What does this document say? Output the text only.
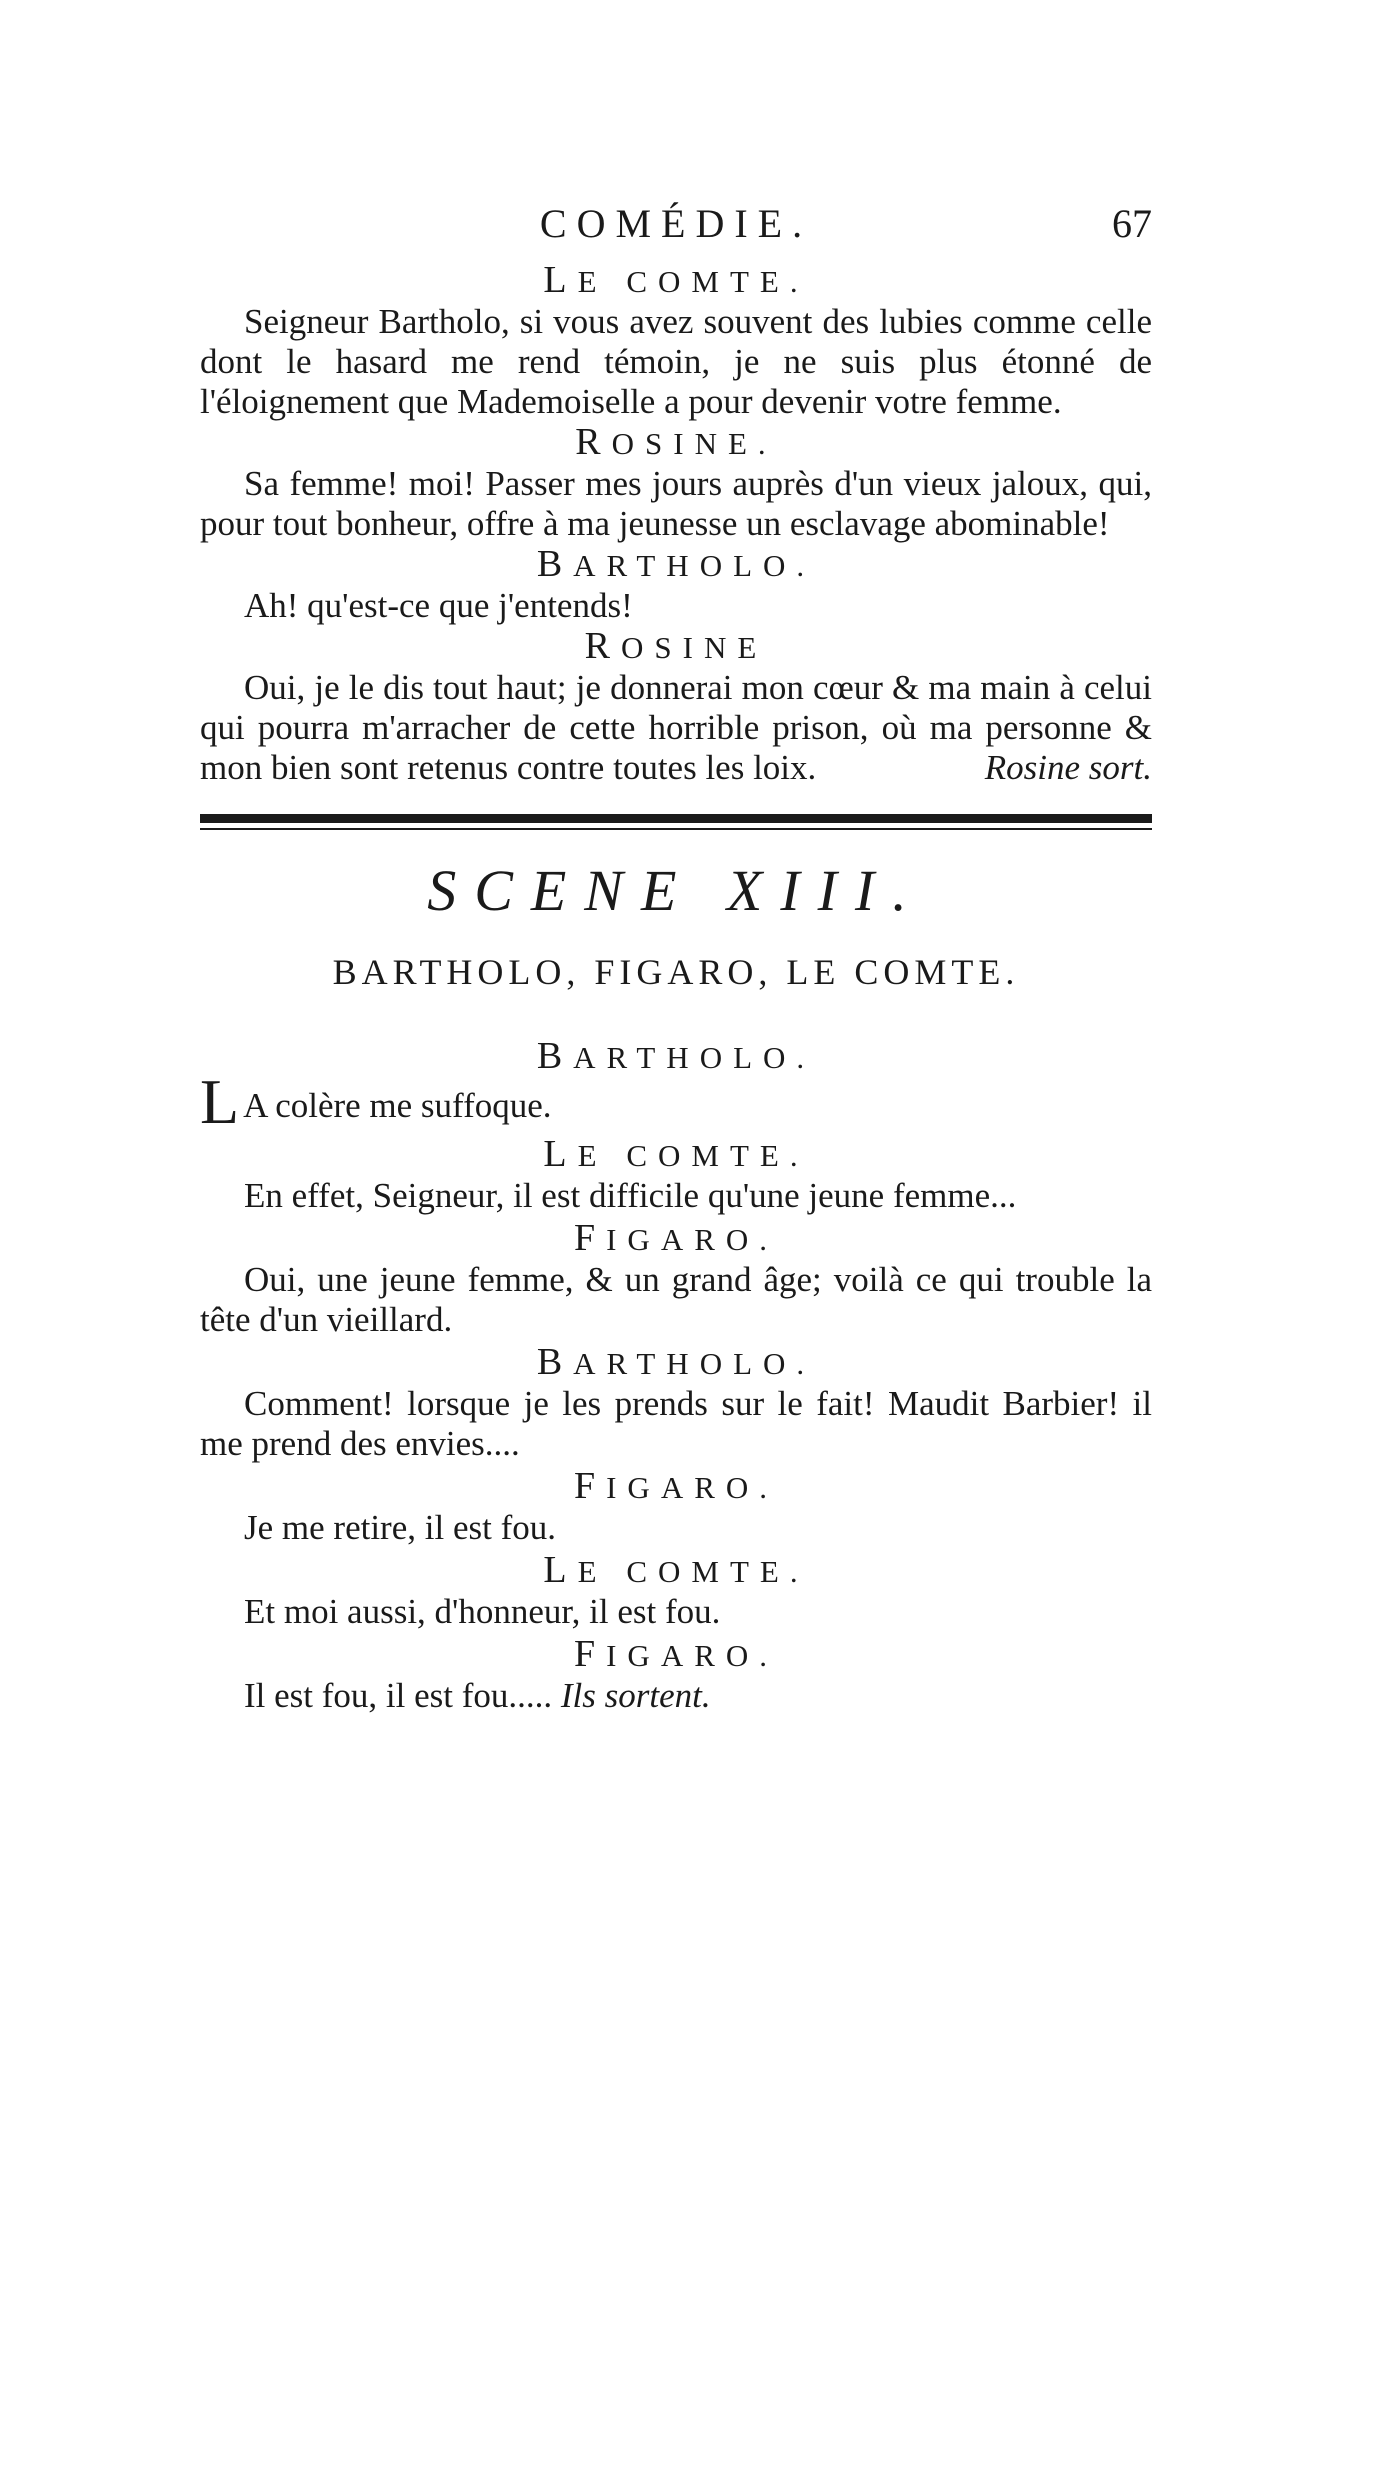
COMÉDIE.	67
LE COMTE.

Seigneur Bartholo, si vous avez souvent des lubies comme celle dont le hasard me rend témoin, je ne suis plus étonné de l'éloignement que Mademoiselle a pour devenir votre femme.

ROSINE.

Sa femme! moi! Passer mes jours auprès d'un vieux jaloux, qui, pour tout bonheur, offre à ma jeunesse un esclavage abominable!

BARTHOLO.

Ah! qu'est-ce que j'entends!

ROSINE

Oui, je le dis tout haut; je donnerai mon cœur & ma main à celui qui pourra m'arracher de cette horrible prison, où ma personne & mon bien sont retenus contre toutes les loix.	Rosine sort.

SCENE XIII.
BARTHOLO, FIGARO, LE COMTE.
BARTHOLO.

L A colère me suffoque.

LE COMTE.

En effet, Seigneur, il est difficile qu'une jeune femme...

FIGARO.

Oui, une jeune femme, & un grand âge; voilà ce qui trouble la tête d'un vieillard.

BARTHOLO.

Comment! lorsque je les prends sur le fait! Maudit Barbier! il me prend des envies....

FIGARO.

Je me retire, il est fou.

LE COMTE.

Et moi aussi, d'honneur, il est fou.

FIGARO.

Il est fou, il est fou..... Ils sortent.
